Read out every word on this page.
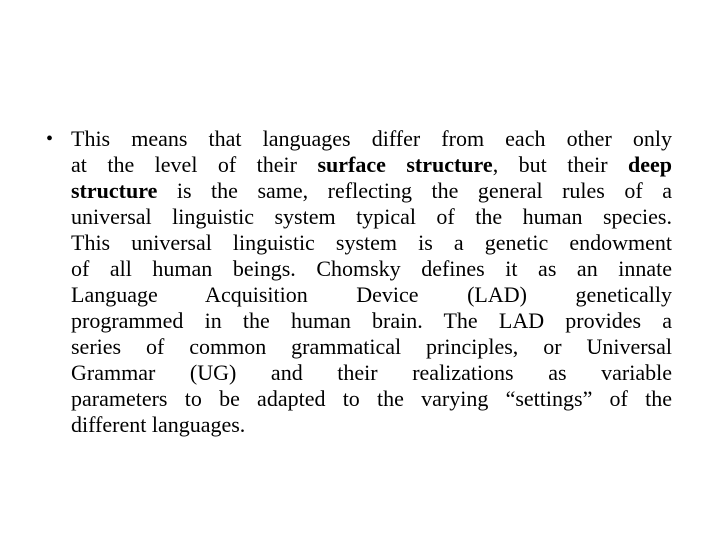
• This means that languages differ from each other only
at the level of their surface structure, but their deep
structure is the same, reflecting the general rules of a
universal linguistic system typical of the human species.
This universal linguistic system is a genetic endowment
of all human beings. Chomsky defines it as an innate
Language Acquisition Device (LAD) genetically
programmed in the human brain. The LAD provides a
series of common grammatical principles, or Universal
Grammar (UG) and their realizations as variable
parameters to be adapted to the varying “settings” of the
different languages.
